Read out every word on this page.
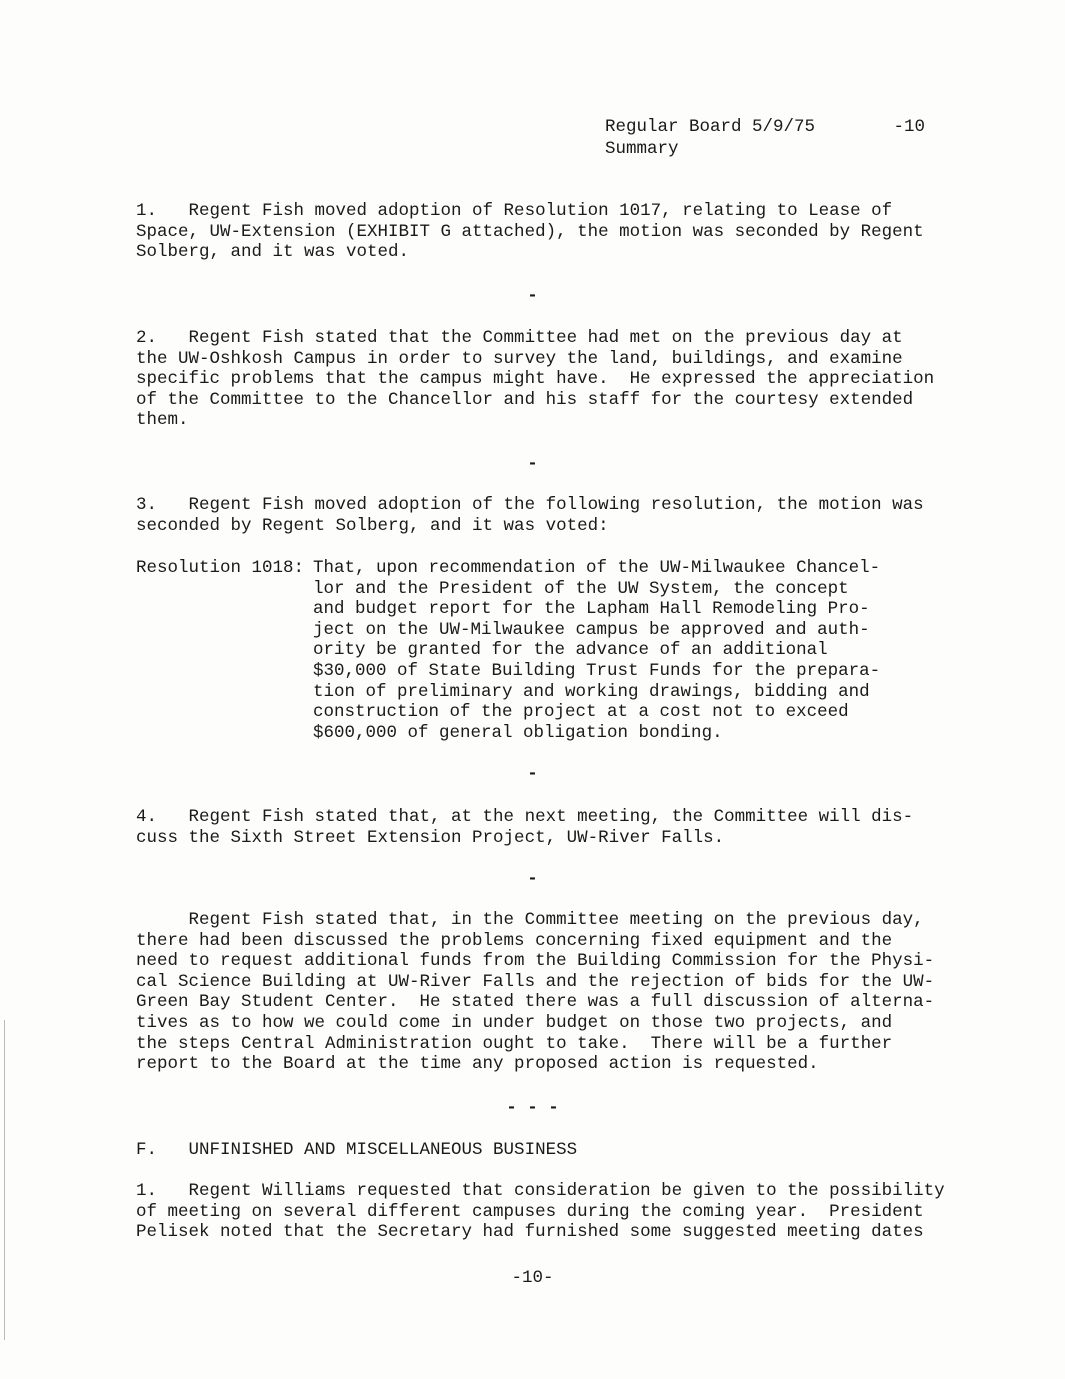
Regular Board 5/9/75	-10
Summary
1.   Regent Fish moved adoption of Resolution 1017, relating to Lease of
Space, UW-Extension (EXHIBIT G attached), the motion was seconded by Regent
Solberg, and it was voted.
-
2.   Regent Fish stated that the Committee had met on the previous day at
the UW-Oshkosh Campus in order to survey the land, buildings, and examine
specific problems that the campus might have.  He expressed the appreciation
of the Committee to the Chancellor and his staff for the courtesy extended
them.
-
3.   Regent Fish moved adoption of the following resolution, the motion was
seconded by Regent Solberg, and it was voted:
Resolution 1018: That, upon recommendation of the UW-Milwaukee Chancel-
lor and the President of the UW System, the concept
and budget report for the Lapham Hall Remodeling Pro-
ject on the UW-Milwaukee campus be approved and auth-
ority be granted for the advance of an additional
$30,000 of State Building Trust Funds for the prepara-
tion of preliminary and working drawings, bidding and
construction of the project at a cost not to exceed
$600,000 of general obligation bonding.
-
4.   Regent Fish stated that, at the next meeting, the Committee will dis-
cuss the Sixth Street Extension Project, UW-River Falls.
-
Regent Fish stated that, in the Committee meeting on the previous day,
there had been discussed the problems concerning fixed equipment and the
need to request additional funds from the Building Commission for the Physi-
cal Science Building at UW-River Falls and the rejection of bids for the UW-
Green Bay Student Center.  He stated there was a full discussion of alterna-
tives as to how we could come in under budget on those two projects, and
the steps Central Administration ought to take.  There will be a further
report to the Board at the time any proposed action is requested.
- - -
F.   UNFINISHED AND MISCELLANEOUS BUSINESS
1.   Regent Williams requested that consideration be given to the possibility
of meeting on several different campuses during the coming year.  President
Pelisek noted that the Secretary had furnished some suggested meeting dates
-10-
